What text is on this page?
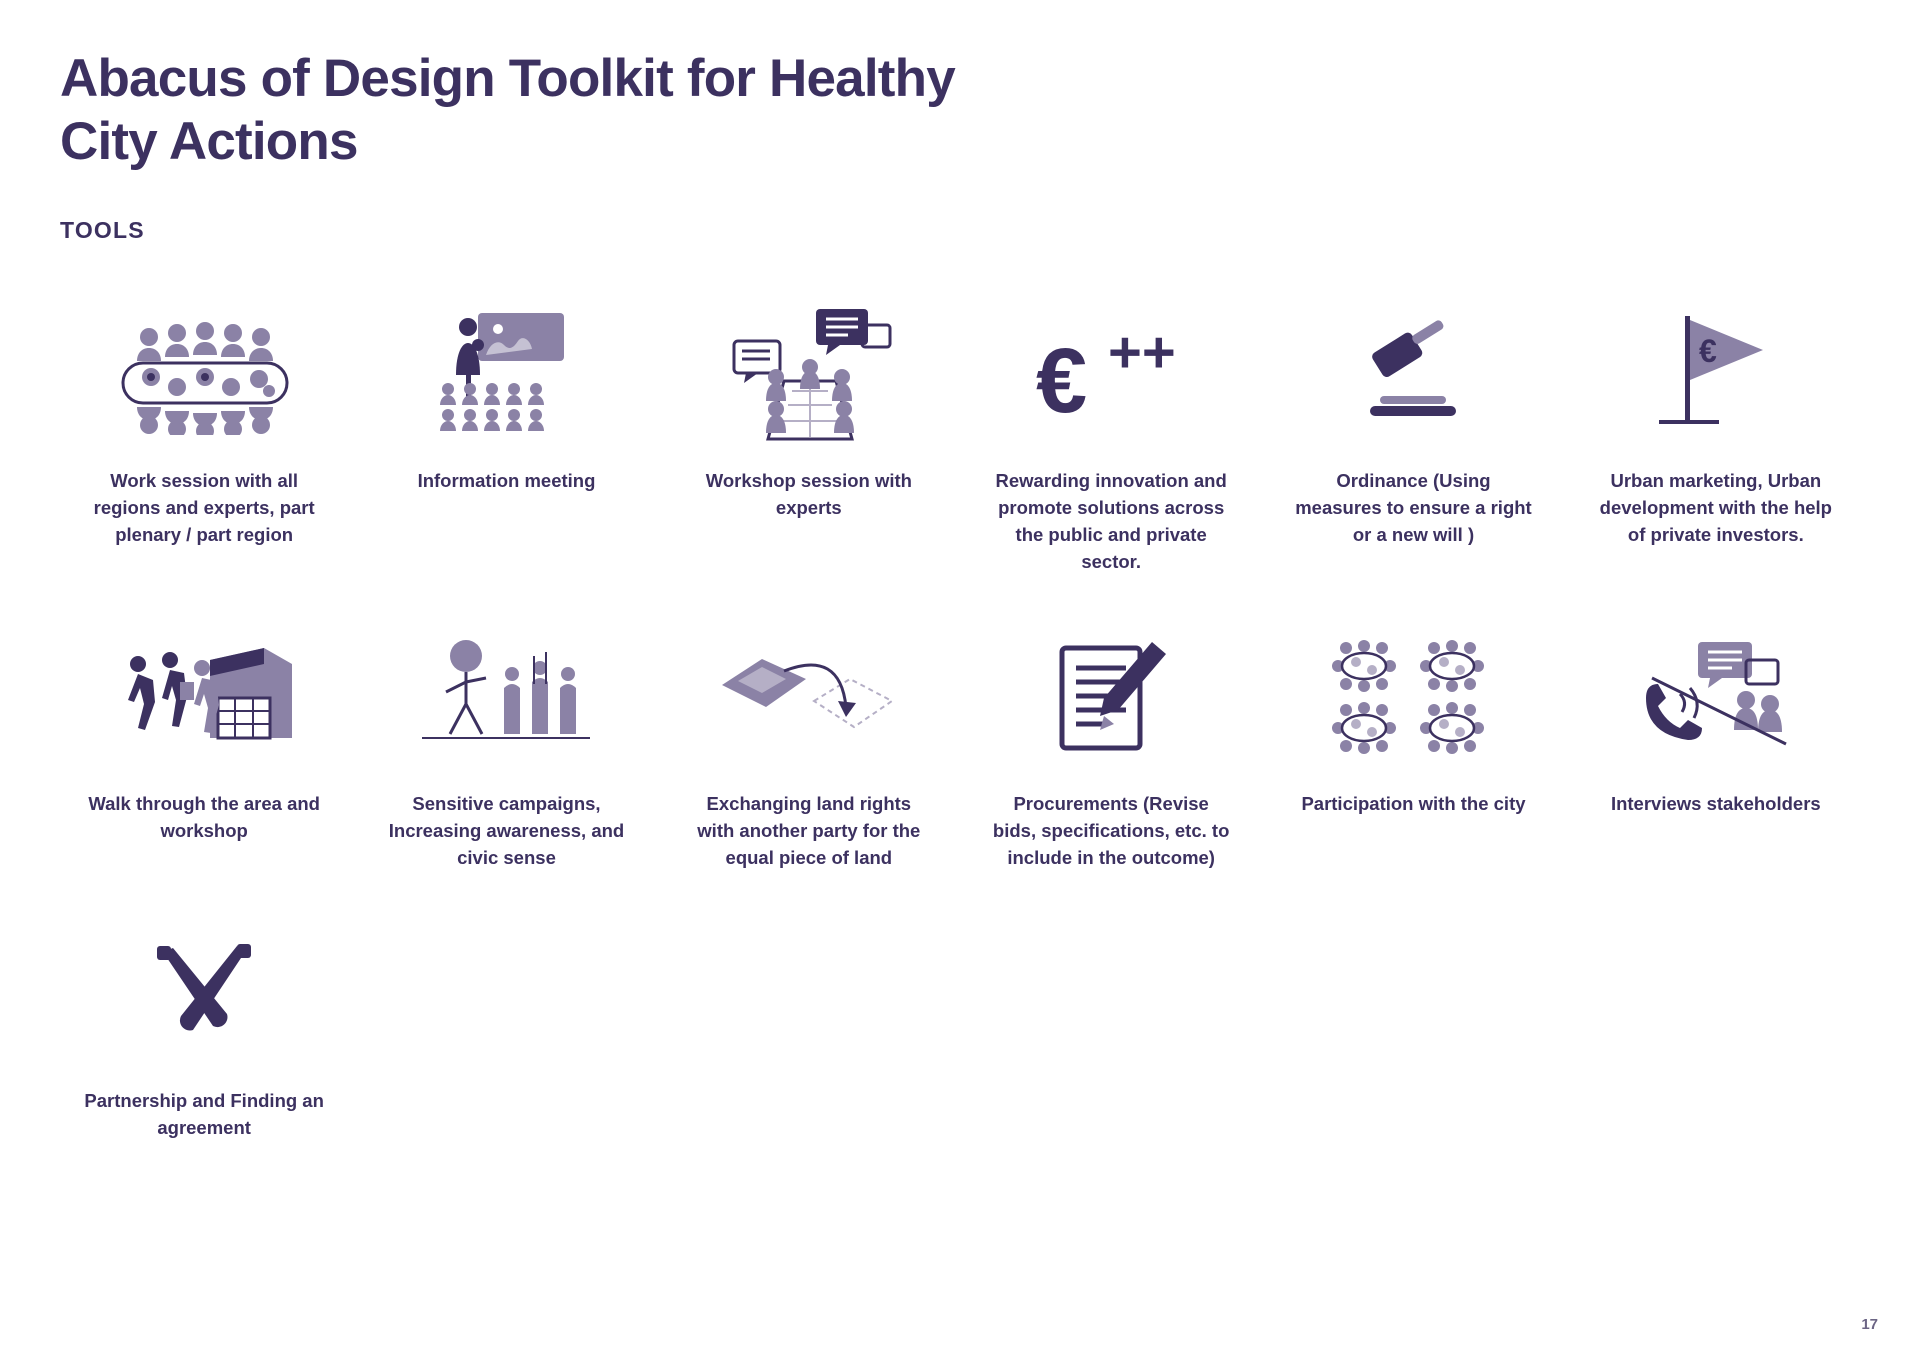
Abacus of Design Toolkit for Healthy City Actions
TOOLS
Work session with all regions and experts, part plenary / part region
Information meeting	Workshop session with experts
€ ++
Rewarding innovation and promote solutions across the public and private sector.
Ordinance (Using measures to ensure a right or a new will )
€
Urban marketing, Urban development with the help of private investors.
Walk through the area and workshop
Sensitive campaigns, Increasing awareness, and civic sense
Exchanging land rights with another party for the equal piece of land
Procurements (Revise bids, specifications, etc. to include in the outcome)
Participation with the city	Interviews stakeholders
Partnership and Finding an agreement
17
